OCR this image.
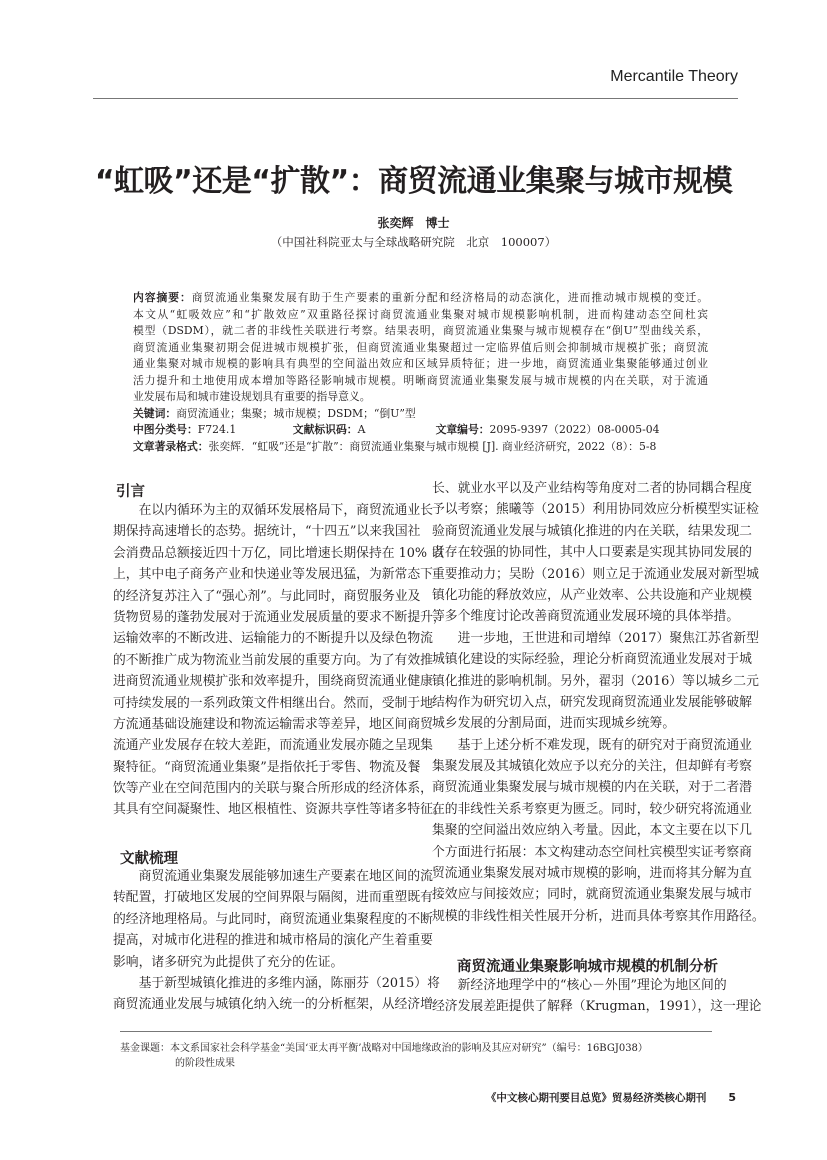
Mercantile Theory
“虹吸”还是“扩散”：商贸流通业集聚与城市规模
张奕辉　博士
（中国社科院亚太与全球战略研究院　北京　100007）
内容摘要：商贸流通业集聚发展有助于生产要素的重新分配和经济格局的动态演化，进而推动城市规模的变迁。
本文从“虹吸效应”和“扩散效应”双重路径探讨商贸流通业集聚对城市规模影响机制，进而构建动态空间杜宾
模型（DSDM），就二者的非线性关联进行考察。结果表明，商贸流通业集聚与城市规模存在“倒U”型曲线关系，
商贸流通业集聚初期会促进城市规模扩张，但商贸流通业集聚超过一定临界值后则会抑制城市规模扩张；商贸流
通业集聚对城市规模的影响具有典型的空间溢出效应和区域异质特征；进一步地，商贸流通业集聚能够通过创业
活力提升和土地使用成本增加等路径影响城市规模。明晰商贸流通业集聚发展与城市规模的内在关联，对于流通
业发展布局和城市建设规划具有重要的指导意义。
关键词：商贸流通业；集聚；城市规模；DSDM；“倒U”型
中图分类号：F724.1	文献标识码：A	文章编号：2095-9397（2022）08-0005-04
文章著录格式：张奕辉．“虹吸”还是“扩散”：商贸流通业集聚与城市规模 [J]. 商业经济研究，2022（8）：5-8
引言
　　在以内循环为主的双循环发展格局下，商贸流通业长
期保持高速增长的态势。据统计，“十四五”以来我国社
会消费品总额接近四十万亿，同比增速长期保持在 10% 以
上，其中电子商务产业和快递业等发展迅猛，为新常态下
的经济复苏注入了“强心剂”。与此同时，商贸服务业及
货物贸易的蓬勃发展对于流通业发展质量的要求不断提升，
运输效率的不断改进、运输能力的不断提升以及绿色物流
的不断推广成为物流业当前发展的重要方向。为了有效推
进商贸流通业规模扩张和效率提升，围绕商贸流通业健康
可持续发展的一系列政策文件相继出台。然而，受制于地
方流通基础设施建设和物流运输需求等差异，地区间商贸
流通产业发展存在较大差距，而流通业发展亦随之呈现集
聚特征。“商贸流通业集聚”是指依托于零售、物流及餐
饮等产业在空间范围内的关联与聚合所形成的经济体系，
其具有空间凝聚性、地区根植性、资源共享性等诸多特征。
文献梳理
　　商贸流通业集聚发展能够加速生产要素在地区间的流
转配置，打破地区发展的空间界限与隔阂，进而重塑既有
的经济地理格局。与此同时，商贸流通业集聚程度的不断
提高，对城市化进程的推进和城市格局的演化产生着重要
影响，诸多研究为此提供了充分的佐证。
　　基于新型城镇化推进的多维内涵，陈丽芬（2015）将
商贸流通业发展与城镇化纳入统一的分析框架，从经济增
长、就业水平以及产业结构等角度对二者的协同耦合程度
予以考察；熊曦等（2015）利用协同效应分析模型实证检
验商贸流通业发展与城镇化推进的内在关联，结果发现二
者存在较强的协同性，其中人口要素是实现其协同发展的
重要推动力；吴盼（2016）则立足于流通业发展对新型城
镇化功能的释放效应，从产业效率、公共设施和产业规模
等多个维度讨论改善商贸流通业发展环境的具体举措。
　　进一步地，王世进和司增绰（2017）聚焦江苏省新型
城镇化建设的实际经验，理论分析商贸流通业发展对于城
镇化推进的影响机制。另外，翟羽（2016）等以城乡二元
结构作为研究切入点，研究发现商贸流通业发展能够破解
城乡发展的分割局面，进而实现城乡统筹。
　　基于上述分析不难发现，既有的研究对于商贸流通业
集聚发展及其城镇化效应予以充分的关注，但却鲜有考察
商贸流通业集聚发展与城市规模的内在关联，对于二者潜
在的非线性关系考察更为匮乏。同时，较少研究将流通业
集聚的空间溢出效应纳入考量。因此，本文主要在以下几
个方面进行拓展：本文构建动态空间杜宾模型实证考察商
贸流通业集聚发展对城市规模的影响，进而将其分解为直
接效应与间接效应；同时，就商贸流通业集聚发展与城市
规模的非线性相关性展开分析，进而具体考察其作用路径。
商贸流通业集聚影响城市规模的机制分析
　　新经济地理学中的“核心－外围”理论为地区间的
经济发展差距提供了解释（Krugman，1991），这一理论
基金课题：本文系国家社会科学基金“美国‘亚太再平衡’战略对中国地缘政治的影响及其应对研究”（编号：16BGJ038）
的阶段性成果
《中文核心期刊要目总览》贸易经济类核心期刊 5
